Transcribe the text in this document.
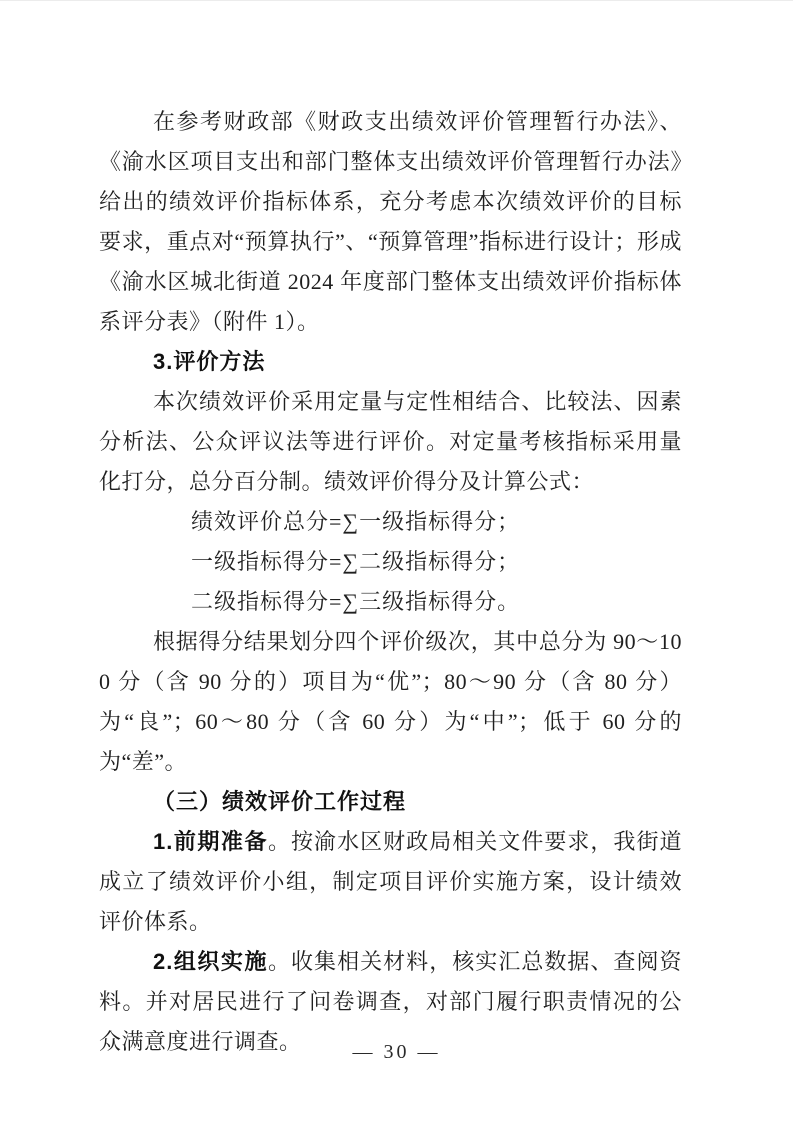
在参考财政部《财政支出绩效评价管理暂行办法》、《渝水区项目支出和部门整体支出绩效评价管理暂行办法》给出的绩效评价指标体系，充分考虑本次绩效评价的目标要求，重点对“预算执行”、“预算管理”指标进行设计；形成《渝水区城北街道 2024 年度部门整体支出绩效评价指标体系评分表》（附件 1）。

3.评价方法

本次绩效评价采用定量与定性相结合、比较法、因素分析法、公众评议法等进行评价。对定量考核指标采用量化打分，总分百分制。绩效评价得分及计算公式：

绩效评价总分=∑一级指标得分；

一级指标得分=∑二级指标得分；

二级指标得分=∑三级指标得分。

根据得分结果划分四个评价级次，其中总分为 90～100 分（含 90 分的）项目为“优”；80～90 分（含 80 分）为“良”；60～80 分（含 60 分）为“中”；低于 60 分的为“差”。

（三）绩效评价工作过程

1.前期准备。按渝水区财政局相关文件要求，我街道成立了绩效评价小组，制定项目评价实施方案，设计绩效评价体系。

2.组织实施。收集相关材料，核实汇总数据、查阅资料。并对居民进行了问卷调查，对部门履行职责情况的公众满意度进行调查。	— 30 —
